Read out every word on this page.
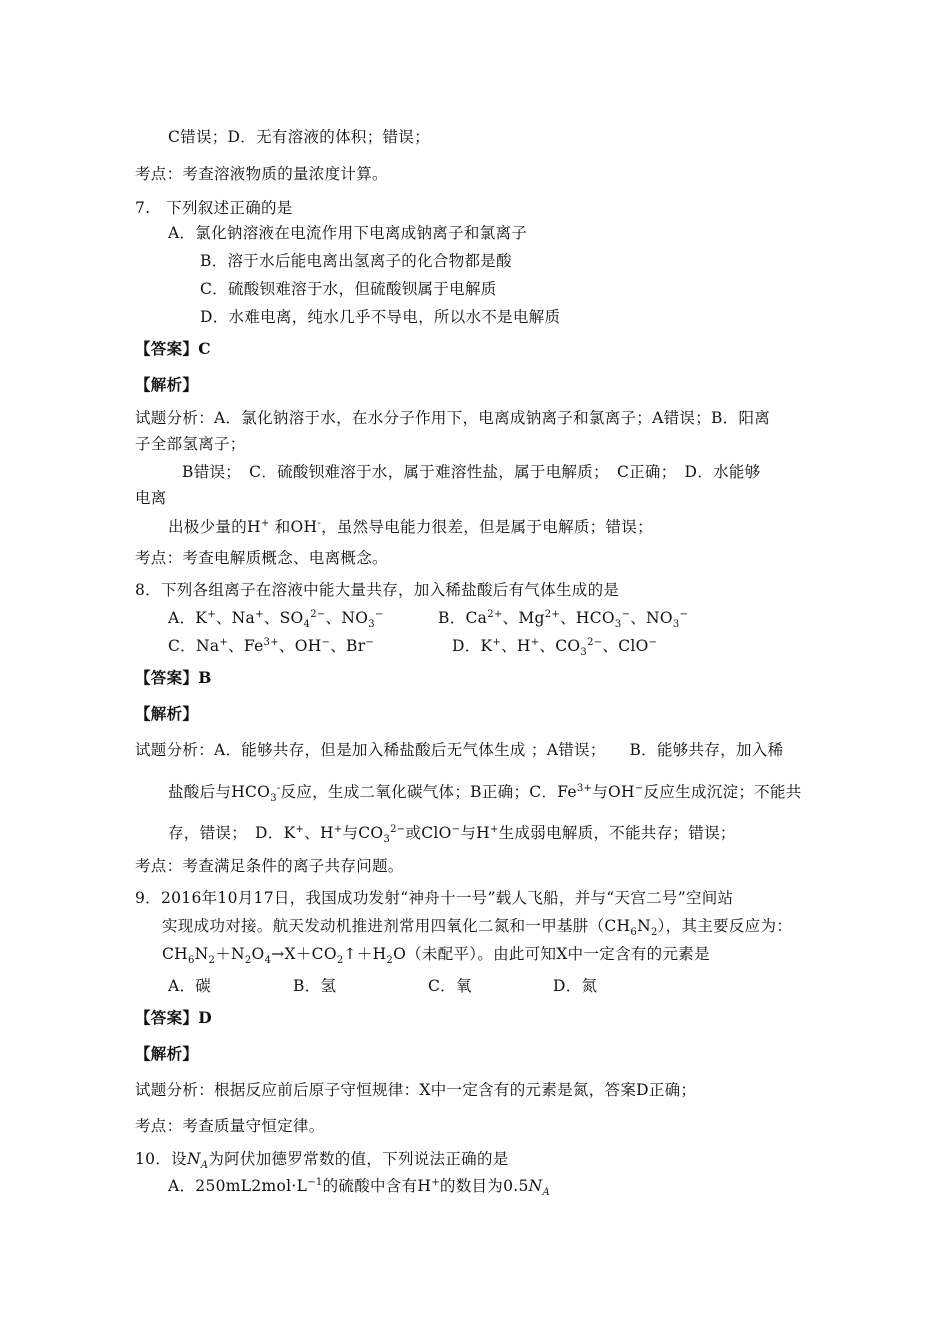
C错误；D．无有溶液的体积；错误；
考点：考查溶液物质的量浓度计算。
7.　下列叙述正确的是
A．氯化钠溶液在电流作用下电离成钠离子和氯离子
B．溶于水后能电离出氢离子的化合物都是酸
C．硫酸钡难溶于水，但硫酸钡属于电解质
D．水难电离，纯水几乎不导电，所以水不是电解质
【答案】C
【解析】
试题分析：A．氯化钠溶于水，在水分子作用下，电离成钠离子和氯离子；A错误；B．阳离
子全部氢离子；
B错误；　C．硫酸钡难溶于水，属于难溶性盐，属于电解质；　C正确；　D．水能够
电离
出极少量的H+ 和OH-，虽然导电能力很差，但是属于电解质；错误；
考点：考查电解质概念、电离概念。
8．下列各组离子在溶液中能大量共存，加入稀盐酸后有气体生成的是
A．K+、Na+、$SO_4^{2-}$、$NO_3^-$	B．$Ca^{2+}$、$Mg^{2+}$、$HCO_3^-$、$NO_3^-$
C．Na+、$Fe^{3+}$、OH−、Br−	D．K+、H+、$CO_3^{2-}$、ClO−
【答案】B
【解析】
试题分析：A．能够共存，但是加入稀盐酸后无气体生成 ；A错误；　　B．能够共存，加入稀
盐酸后与$HCO_3^-$反应，生成二氧化碳气体；B正确；C．$Fe^{3+}$与OH−反应生成沉淀；不能共
存，错误；　D．K+、H+与$CO_3^{2-}$或ClO−与H+生成弱电解质，不能共存；错误；
考点：考查满足条件的离子共存问题。
9．2016年10月17日，我国成功发射“神舟十一号”载人飞船，并与“天宫二号”空间站
实现成功对接。航天发动机推进剂常用四氧化二氮和一甲基肼$(CH_6N_2)$，其主要反应为：
$CH_6N_2+N_2O_4\to X+CO_2↑+H_2O$（未配平）。由此可知X中一定含有的元素是
A．碳	B．氢	C．氧	D．氮
【答案】D
【解析】
试题分析：根据反应前后原子守恒规律：X中一定含有的元素是氮，答案D正确；
考点：考查质量守恒定律。
10．设$N_A$为阿伏加德罗常数的值，下列说法正确的是
A．$250mL2mol\cdot L^{-1}$的硫酸中含有H+的数目为$0.5N_A$
